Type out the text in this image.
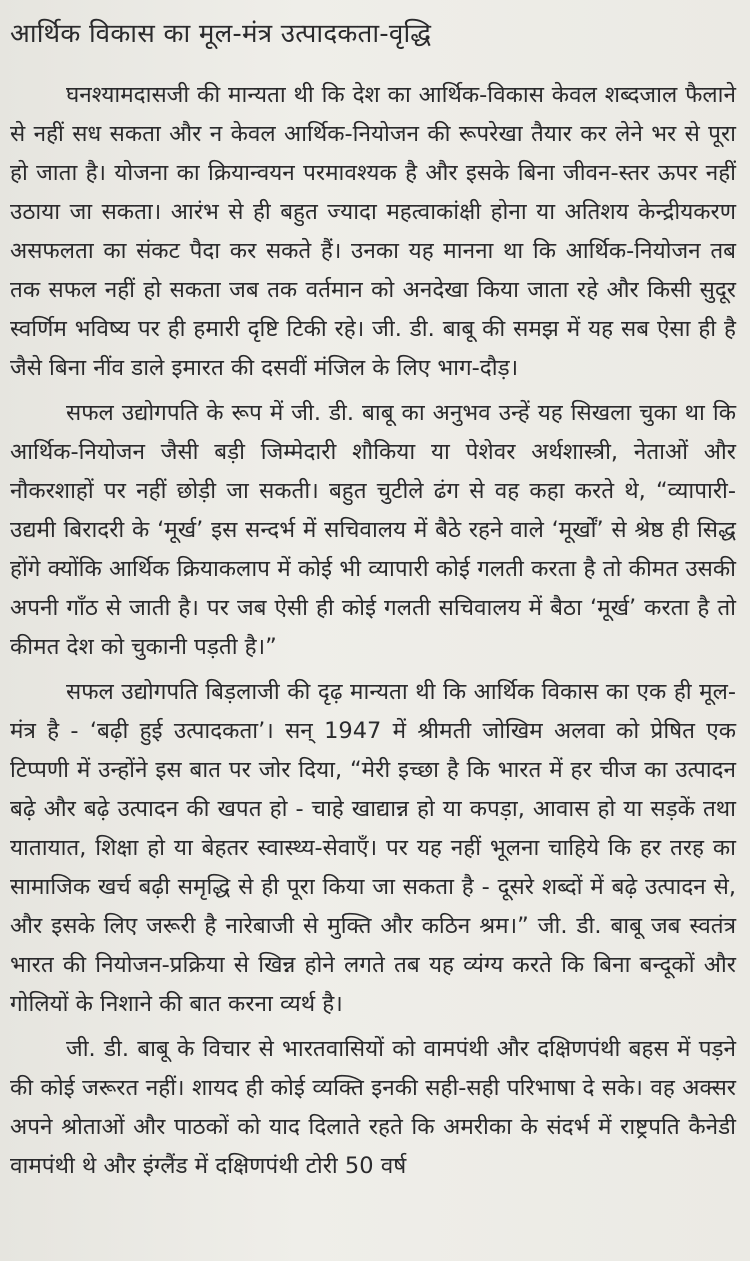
आर्थिक विकास का मूल-मंत्र उत्पादकता-वृद्धि

घनश्यामदासजी की मान्यता थी कि देश का आर्थिक-विकास केवल शब्दजाल फैलाने से नहीं सध सकता और न केवल आर्थिक-नियोजन की रूपरेखा तैयार कर लेने भर से पूरा हो जाता है। योजना का क्रियान्वयन परमावश्यक है और इसके बिना जीवन-स्तर ऊपर नहीं उठाया जा सकता। आरंभ से ही बहुत ज्यादा महत्वाकांक्षी होना या अतिशय केन्द्रीयकरण असफलता का संकट पैदा कर सकते हैं। उनका यह मानना था कि आर्थिक-नियोजन तब तक सफल नहीं हो सकता जब तक वर्तमान को अनदेखा किया जाता रहे और किसी सुदूर स्वर्णिम भविष्य पर ही हमारी दृष्टि टिकी रहे। जी. डी. बाबू की समझ में यह सब ऐसा ही है जैसे बिना नींव डाले इमारत की दसवीं मंजिल के लिए भाग-दौड़।

सफल उद्योगपति के रूप में जी. डी. बाबू का अनुभव उन्हें यह सिखला चुका था कि आर्थिक-नियोजन जैसी बड़ी जिम्मेदारी शौकिया या पेशेवर अर्थशास्त्री, नेताओं और नौकरशाहों पर नहीं छोड़ी जा सकती। बहुत चुटीले ढंग से वह कहा करते थे, “व्यापारी-उद्यमी बिरादरी के ‘मूर्ख’ इस सन्दर्भ में सचिवालय में बैठे रहने वाले ‘मूर्खों’ से श्रेष्ठ ही सिद्ध होंगे क्योंकि आर्थिक क्रियाकलाप में कोई भी व्यापारी कोई गलती करता है तो कीमत उसकी अपनी गाँठ से जाती है। पर जब ऐसी ही कोई गलती सचिवालय में बैठा ‘मूर्ख’ करता है तो कीमत देश को चुकानी पड़ती है।”

सफल उद्योगपति बिड़लाजी की दृढ़ मान्यता थी कि आर्थिक विकास का एक ही मूल-मंत्र है - ‘बढ़ी हुई उत्पादकता’। सन् 1947 में श्रीमती जोखिम अलवा को प्रेषित एक टिप्पणी में उन्होंने इस बात पर जोर दिया, “मेरी इच्छा है कि भारत में हर चीज का उत्पादन बढ़े और बढ़े उत्पादन की खपत हो - चाहे खाद्यान्न हो या कपड़ा, आवास हो या सड़कें तथा यातायात, शिक्षा हो या बेहतर स्वास्थ्य-सेवाएँ। पर यह नहीं भूलना चाहिये कि हर तरह का सामाजिक खर्च बढ़ी समृद्धि से ही पूरा किया जा सकता है - दूसरे शब्दों में बढ़े उत्पादन से, और इसके लिए जरूरी है नारेबाजी से मुक्ति और कठिन श्रम।” जी. डी. बाबू जब स्वतंत्र भारत की नियोजन-प्रक्रिया से खिन्न होने लगते तब यह व्यंग्य करते कि बिना बन्दूकों और गोलियों के निशाने की बात करना व्यर्थ है।

जी. डी. बाबू के विचार से भारतवासियों को वामपंथी और दक्षिणपंथी बहस में पड़ने की कोई जरूरत नहीं। शायद ही कोई व्यक्ति इनकी सही-सही परिभाषा दे सके। वह अक्सर अपने श्रोताओं और पाठकों को याद दिलाते रहते कि अमरीका के संदर्भ में राष्ट्रपति कैनेडी वामपंथी थे और इंग्लैंड में दक्षिणपंथी टोरी 50 वर्ष
